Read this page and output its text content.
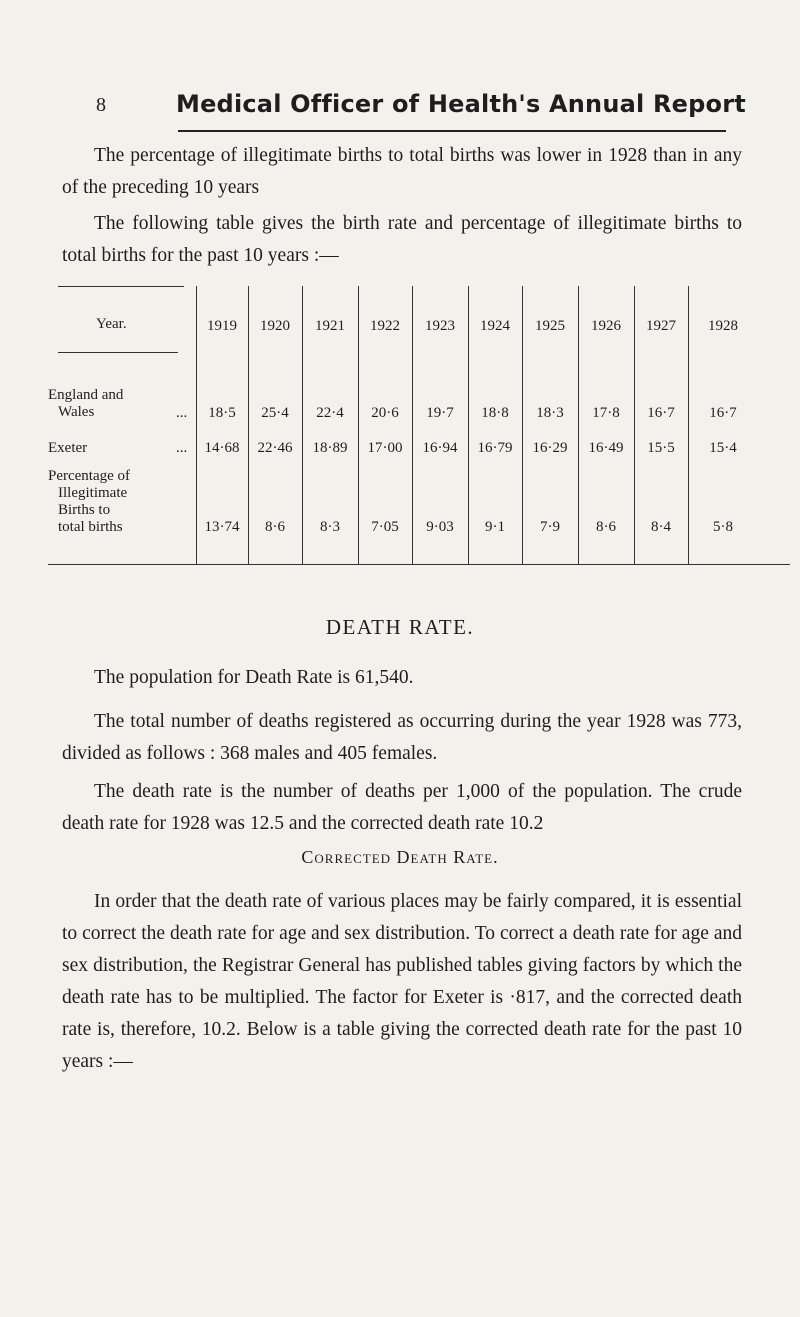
8	Medical Officer of Health's Annual Report

The percentage of illegitimate births to total births was lower in 1928 than in any of the preceding 10 years

The following table gives the birth rate and percentage of illegitimate births to total births for the past 10 years :—

Year.	1919	1920	1921	1922	1923	1924	1925	1926	1927	1928
England and
Wales	...	18·5	25·4	22·4	20·6	19·7	18·8	18·3	17·8	16·7	16·7
Exeter	...	14·68	22·46	18·89	17·00	16·94	16·79	16·29	16·49	15·5	15·4
Percentage of
Illegitimate
Births to
total births	13·74	8·6	8·3	7·05	9·03	9·1	7·9	8·6	8·4	5·8
DEATH RATE.

The population for Death Rate is 61,540.

The total number of deaths registered as occurring during the year 1928 was 773, divided as follows : 368 males and 405 females.

The death rate is the number of deaths per 1,000 of the population. The crude death rate for 1928 was 12.5 and the corrected death rate 10.2

Corrected Death Rate.

In order that the death rate of various places may be fairly compared, it is essential to correct the death rate for age and sex distribution. To correct a death rate for age and sex distribution, the Registrar General has published tables giving factors by which the death rate has to be multiplied. The factor for Exeter is ·817, and the corrected death rate is, therefore, 10.2. Below is a table giving the corrected death rate for the past 10 years :—
